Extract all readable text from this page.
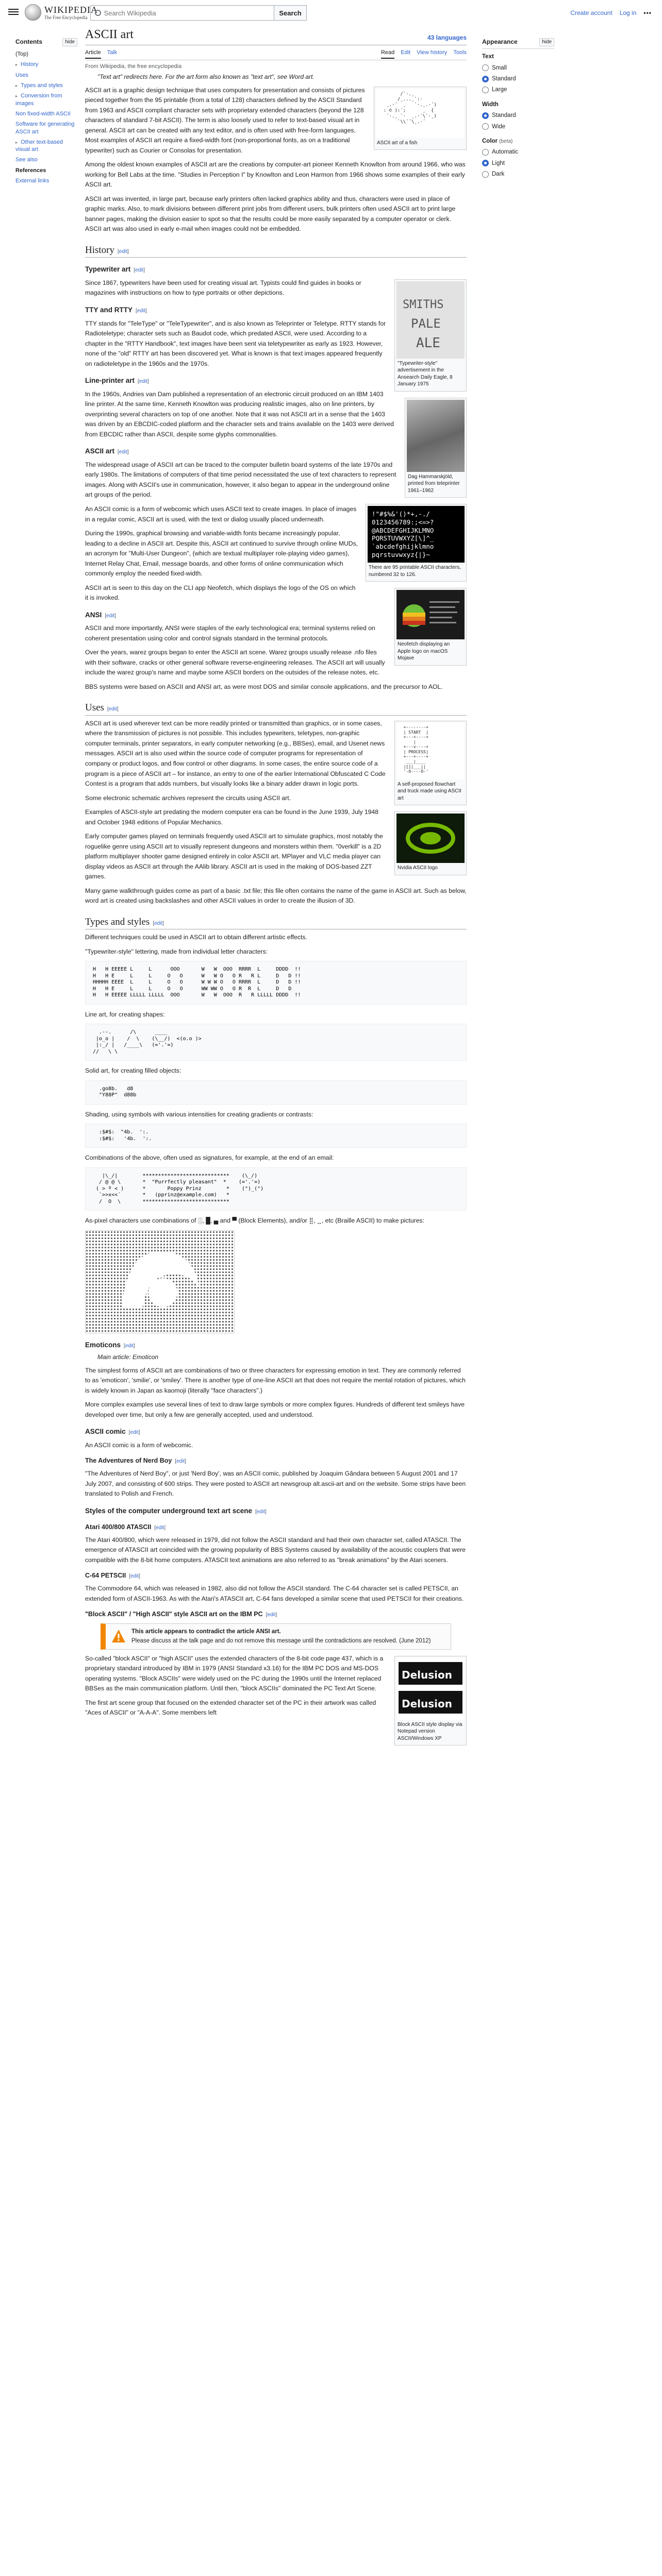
WIKIPEDIA
The Free Encyclopedia
Search Wikipedia
Search	Create account Log in •••
Contents	hide
(Top)
▸ History
Uses
▸ Types and styles
▸ Conversion from images
Non fixed-width ASCII
Software for generating ASCII art
▸ Other text-based visual art
See also
References
External links
Appearance	hide
Text
Small
Standard
Large
Width
Standard
Wide
Color (beta)
Automatic
Light
Dark
ASCII art	43 languages
Article Talk	Read Edit View history Tools
From Wikipedia, the free encyclopedia
"Text art" redirects here. For the art form also known as "text art", see Word art.
/`·.¸
/¸...¸`:·
¸.·´  ¸   `·.¸.·´)
: © ):´;      ¸  {
`·.¸ `·  ¸.·´\`·¸)
`\\´´\¸.·´
ASCII art of a fish

ASCII art is a graphic design technique that uses computers for presentation and consists of pictures pieced together from the 95 printable (from a total of 128) characters defined by the ASCII Standard from 1963 and ASCII compliant character sets with proprietary extended characters (beyond the 128 characters of standard 7-bit ASCII). The term is also loosely used to refer to text-based visual art in general. ASCII art can be created with any text editor, and is often used with free-form languages. Most examples of ASCII art require a fixed-width font (non-proportional fonts, as on a traditional typewriter) such as Courier or Consolas for presentation.

Among the oldest known examples of ASCII art are the creations by computer-art pioneer Kenneth Knowlton from around 1966, who was working for Bell Labs at the time. "Studies in Perception I" by Knowlton and Leon Harmon from 1966 shows some examples of their early ASCII art.

ASCII art was invented, in large part, because early printers often lacked graphics ability and thus, characters were used in place of graphic marks. Also, to mark divisions between different print jobs from different users, bulk printers often used ASCII art to print large banner pages, making the division easier to spot so that the results could be more easily separated by a computer operator or clerk. ASCII art was also used in early e-mail when images could not be embedded.

History [edit]
Typewriter art [edit]
SMITHS
PALE
ALE
"Typewriter-style" advertisement in the Ansearch Daily Eagle, 8 January 1975

Since 1867, typewriters have been used for creating visual art. Typists could find guides in books or magazines with instructions on how to type portraits or other depictions.

TTY and RTTY [edit]

TTY stands for "TeleType" or "TeleTypewriter", and is also known as Teleprinter or Teletype. RTTY stands for Radioteletype; character sets such as Baudot code, which predated ASCII, were used. According to a chapter in the "RTTY Handbook", text images have been sent via teletypewriter as early as 1923. However, none of the "old" RTTY art has been discovered yet. What is known is that text images appeared frequently on radioteletype in the 1960s and the 1970s.

Line-printer art [edit]
Dag Hammarskjöld, printed from teleprinter 1961–1962

In the 1960s, Andries van Dam published a representation of an electronic circuit produced on an IBM 1403 line printer. At the same time, Kenneth Knowlton was producing realistic images, also on line printers, by overprinting several characters on top of one another. Note that it was not ASCII art in a sense that the 1403 was driven by an EBCDIC-coded platform and the character sets and trains available on the 1403 were derived from EBCDIC rather than ASCII, despite some glyphs commonalities.

ASCII art [edit]
!"#$%&'()*+,-./
0123456789:;<=>?
@ABCDEFGHIJKLMNO
PQRSTUVWXYZ[\]^_
`abcdefghijklmno
pqrstuvwxyz{|}~
There are 95 printable ASCII characters, numbered 32 to 126.

The widespread usage of ASCII art can be traced to the computer bulletin board systems of the late 1970s and early 1980s. The limitations of computers of that time period necessitated the use of text characters to represent images. Along with ASCII's use in communication, however, it also began to appear in the underground online art groups of the period.

An ASCII comic is a form of webcomic which uses ASCII text to create images. In place of images in a regular comic, ASCII art is used, with the text or dialog usually placed underneath.

During the 1990s, graphical browsing and variable-width fonts became increasingly popular, leading to a decline in ASCII art. Despite this, ASCII art continued to survive through online MUDs, an acronym for "Multi-User Dungeon", (which are textual multiplayer role-playing video games), Internet Relay Chat, Email, message boards, and other forms of online communication which commonly employ the needed fixed-width.

Neofetch displaying an Apple logo on macOS Mojave

ASCII art is seen to this day on the CLI app Neofetch, which displays the logo of the OS on which it is invoked.

ANSI [edit]

ASCII and more importantly, ANSI were staples of the early technological era; terminal systems relied on coherent presentation using color and control signals standard in the terminal protocols.

Over the years, warez groups began to enter the ASCII art scene. Warez groups usually release .nfo files with their software, cracks or other general software reverse-engineering releases. The ASCII art will usually include the warez group's name and maybe some ASCII borders on the outsides of the release notes, etc.

BBS systems were based on ASCII and ANSI art, as were most DOS and similar console applications, and the precursor to AOL.

Uses [edit]
+--------+
| START  |
+---+----+
|
+---v----+
| PROCESS|
+---+----+
___|____
|[]|___||
'-O----O-'
A self-proposed flowchart and truck made using ASCII art

ASCII art is used wherever text can be more readily printed or transmitted than graphics, or in some cases, where the transmission of pictures is not possible. This includes typewriters, teletypes, non-graphic computer terminals, printer separators, in early computer networking (e.g., BBSes), email, and Usenet news messages. ASCII art is also used within the source code of computer programs for representation of company or product logos, and flow control or other diagrams. In some cases, the entire source code of a program is a piece of ASCII art – for instance, an entry to one of the earlier International Obfuscated C Code Contest is a program that adds numbers, but visually looks like a binary adder drawn in logic ports.

Nvidia ASCII logo

Some electronic schematic archives represent the circuits using ASCII art.

Examples of ASCII-style art predating the modern computer era can be found in the June 1939, July 1948 and October 1948 editions of Popular Mechanics.

Early computer games played on terminals frequently used ASCII art to simulate graphics, most notably the roguelike genre using ASCII art to visually represent dungeons and monsters within them. "0verkill" is a 2D platform multiplayer shooter game designed entirely in color ASCII art. MPlayer and VLC media player can display videos as ASCII art through the AAlib library. ASCII art is used in the making of DOS-based ZZT games.

Many game walkthrough guides come as part of a basic .txt file; this file often contains the name of the game in ASCII art. Such as below, word art is created using backslashes and other ASCII values in order to create the illusion of 3D.

Types and styles [edit]

Different techniques could be used in ASCII art to obtain different artistic effects.

"Typewriter-style" lettering, made from individual letter characters:

H   H EEEEE L     L      OOO       W   W  OOO  RRRR  L     DDDD  !!
H   H E     L     L     O   O      W   W O   O R   R L     D   D !!
HHHHH EEEE  L     L     O   O      W W W O   O RRRR  L     D   D !!
H   H E     L     L     O   O      WW WW O   O R  R  L     D   D
H   H EEEEE LLLLL LLLLL  OOO       W   W  OOO  R   R LLLLL DDDD  !!

Line art, for creating shapes:

.--.      /\      ____
|o_o |    /  \    (\__/)  <(o.o )>
|:_/ |   /____\   (='.'=)
//   \ \

Solid art, for creating filled objects:

.go8b.   d8
"Y88P"  d88b

Shading, using symbols with various intensities for creating gradients or contrasts:

:$#$:  "4b.  ':.
:$#$:   '4b.  ':.

Combinations of the above, often used as signatures, for example, at the end of an email:

|\_/|        ****************************    (\_/)
/ @ @ \       *  "Purrfectly pleasant"  *    (='.'=)
( > º < )      *       Poppy Prinz        *    (")_(")
`>>x<<´       *   (pprinz@example.com)   *
/  O  \       ****************************

As-pixel characters use combinations of ░, █, ▄ and ▀ (Block Elements), and/or ⣿, ⣀, etc (Braille ASCII) to make pictures:

Emoticons [edit]
Main article: Emoticon

The simplest forms of ASCII art are combinations of two or three characters for expressing emotion in text. They are commonly referred to as 'emoticon', 'smilie', or 'smiley'. There is another type of one-line ASCII art that does not require the mental rotation of pictures, which is widely known in Japan as kaomoji (literally "face characters".)

More complex examples use several lines of text to draw large symbols or more complex figures. Hundreds of different text smileys have developed over time, but only a few are generally accepted, used and understood.

ASCII comic [edit]

An ASCII comic is a form of webcomic.

The Adventures of Nerd Boy [edit]

"The Adventures of Nerd Boy", or just 'Nerd Boy', was an ASCII comic, published by Joaquim Gândara between 5 August 2001 and 17 July 2007, and consisting of 600 strips. They were posted to ASCII art newsgroup alt.ascii-art and on the website. Some strips have been translated to Polish and French.

Styles of the computer underground text art scene [edit]
Atari 400/800 ATASCII [edit]

The Atari 400/800, which were released in 1979, did not follow the ASCII standard and had their own character set, called ATASCII. The emergence of ATASCII art coincided with the growing popularity of BBS Systems caused by availability of the acoustic couplers that were compatible with the 8-bit home computers. ATASCII text animations are also referred to as "break animations" by the Atari sceners.

C-64 PETSCII [edit]

The Commodore 64, which was released in 1982, also did not follow the ASCII standard. The C-64 character set is called PETSCII, an extended form of ASCII-1963. As with the Atari's ATASCII art, C-64 fans developed a similar scene that used PETSCII for their creations.

"Block ASCII" / "High ASCII" style ASCII art on the IBM PC [edit]
This article appears to contradict the article ANSI art.
Please discuss at the talk page and do not remove this message until the contradictions are resolved. (June 2012)
Delusion
Delusion
Block ASCII style display via Notepad version ASCII/Windows XP

So-called "block ASCII" or "high ASCII" uses the extended characters of the 8-bit code page 437, which is a proprietary standard introduced by IBM in 1979 (ANSI Standard x3.16) for the IBM PC DOS and MS-DOS operating systems. "Block ASCIIs" were widely used on the PC during the 1990s until the Internet replaced BBSes as the main communication platform. Until then, "block ASCIIs" dominated the PC Text Art Scene.

The first art scene group that focused on the extended character set of the PC in their artwork was called "Aces of ASCII" or "A-A-A". Some members left
